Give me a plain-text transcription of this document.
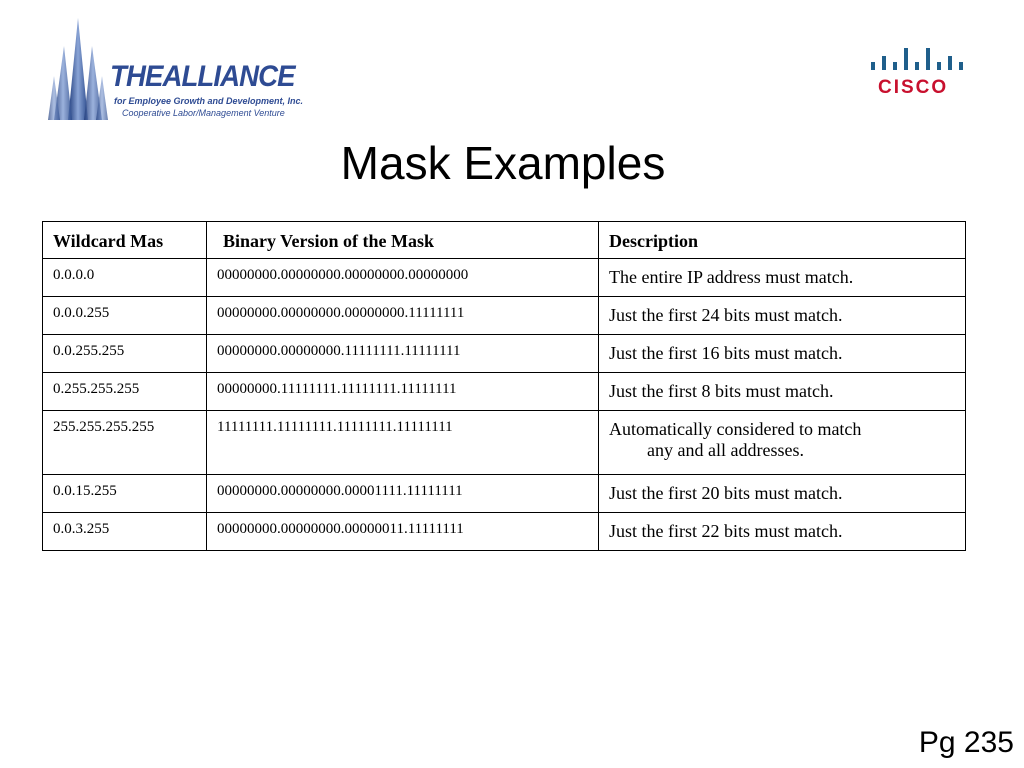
THEALLIANCE
for Employee Growth and Development, Inc.
Cooperative Labor/Management Venture
CISCO
Mask Examples
Wildcard Mas	Binary Version of the Mask	Description
0.0.0.0	00000000.00000000.00000000.00000000	The entire IP address must match.

0.0.0.255	00000000.00000000.00000000.11111111	Just the first 24 bits must match.

0.0.255.255	00000000.00000000.11111111.11111111	Just the first 16 bits must match.

0.255.255.255	00000000.11111111.11111111.11111111	Just the first 8 bits must match.

255.255.255.255	11111111.11111111.11111111.11111111	Automatically considered to match
any and all addresses.

0.0.15.255	00000000.00000000.00001111.11111111	Just the first 20 bits must match.

0.0.3.255	00000000.00000000.00000011.11111111	Just the first 22 bits must match.
Pg 235
